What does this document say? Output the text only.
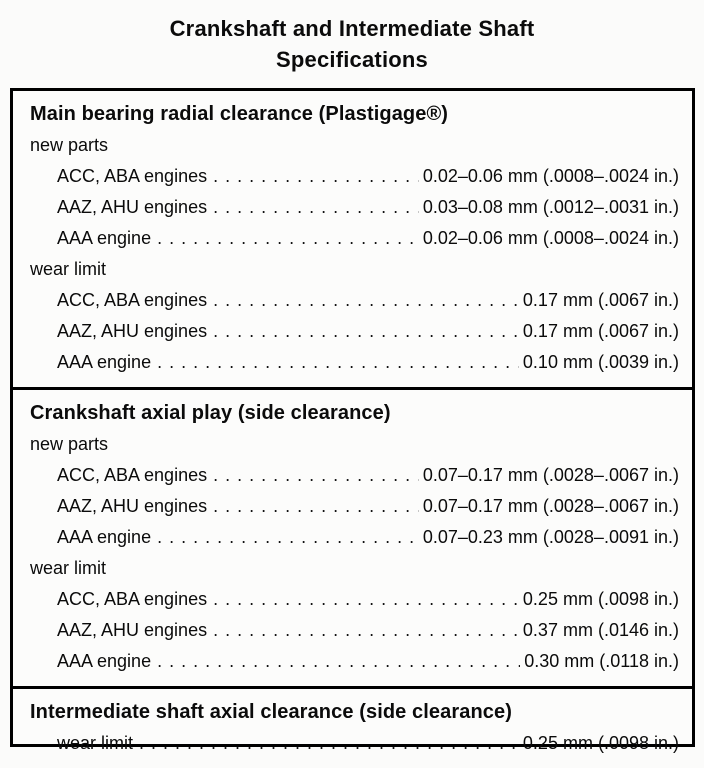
Crankshaft and Intermediate Shaft
Specifications
Main bearing radial clearance (Plastigage®)
new parts
ACC, ABA engines . . .	0.02–0.06 mm (.0008–.0024 in.)
AAZ, AHU engines . . .	0.03–0.08 mm (.0012–.0031 in.)
AAA engine . . .	0.02–0.06 mm (.0008–.0024 in.)
wear limit
ACC, ABA engines . . .	0.17 mm (.0067 in.)
AAZ, AHU engines . . .	0.17 mm (.0067 in.)
AAA engine . . .	0.10 mm (.0039 in.)
Crankshaft axial play (side clearance)
new parts
ACC, ABA engines . . .	0.07–0.17 mm (.0028–.0067 in.)
AAZ, AHU engines . . .	0.07–0.17 mm (.0028–.0067 in.)
AAA engine . . .	0.07–0.23 mm (.0028–.0091 in.)
wear limit
ACC, ABA engines . . .	0.25 mm (.0098 in.)
AAZ, AHU engines . . .	0.37 mm (.0146 in.)
AAA engine . . .	0.30 mm (.0118 in.)
Intermediate shaft axial clearance (side clearance)
wear limit . . .	0.25 mm (.0098 in.)
